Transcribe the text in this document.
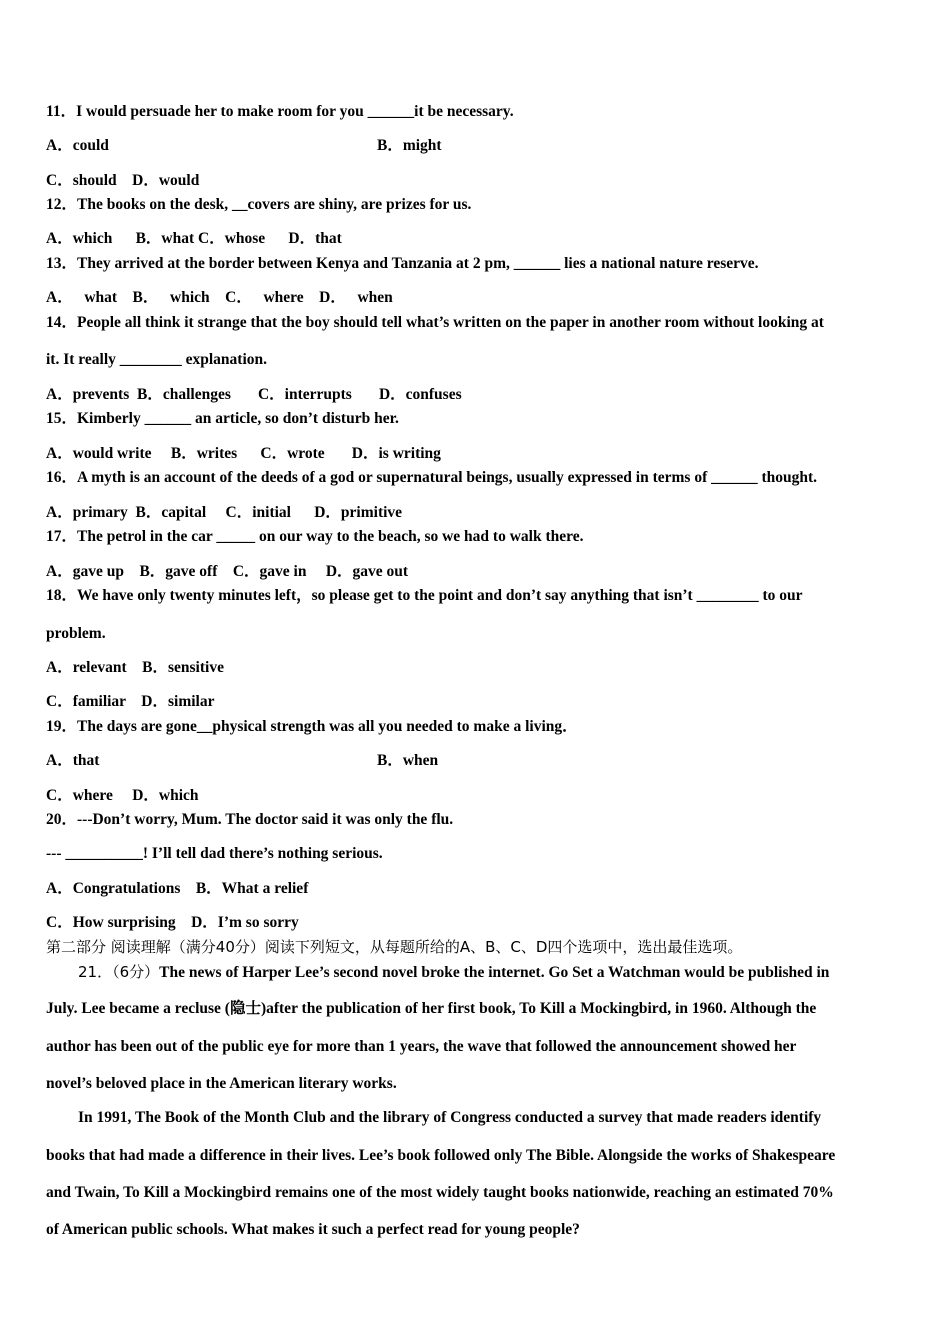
11．I would persuade her to make room for you ______it be necessary.
A．could	B．might
C．should    D．would
12．The books on the desk, __covers are shiny, are prizes for us.
A．which      B．what C．whose      D．that
13．They arrived at the border between Kenya and Tanzania at 2 pm, ______ lies a national nature reserve.
A．   what    B．   which    C．   where    D．   when
14．People all think it strange that the boy should tell what’s written on the paper in another room without looking at
it. It really ________ explanation.
A．prevents  B．challenges       C．interrupts       D．confuses
15．Kimberly ______ an article, so don’t disturb her.
A．would write     B．writes      C．wrote       D．is writing
16．A myth is an account of the deeds of a god or supernatural beings, usually expressed in terms of ______ thought.
A．primary  B．capital     C．initial      D．primitive
17．The petrol in the car _____ on our way to the beach, so we had to walk there.
A．gave up    B．gave off    C．gave in     D．gave out
18．We have only twenty minutes left，so please get to the point and don’t say anything that isn’t ________ to our
problem.
A．relevant    B．sensitive
C．familiar    D．similar
19．The days are gone__physical strength was all you needed to make a living．
A．that	B．when
C．where     D．which
20．---Don’t worry, Mum. The doctor said it was only the flu.
--- __________! I’ll tell dad there’s nothing serious.
A．Congratulations    B．What a relief
C．How surprising    D．I’m so sorry
第二部分 阅读理解（满分40分）阅读下列短文，从每题所给的A、B、C、D四个选项中，选出最佳选项。
21．（6分）The news of Harper Lee’s second novel broke the internet. Go Set a Watchman would be published in
July. Lee became a recluse (隐士)after the publication of her first book, To Kill a Mockingbird, in 1960. Although the
author has been out of the public eye for more than 1 years, the wave that followed the announcement showed her
novel’s beloved place in the American literary works.
In 1991, The Book of the Month Club and the library of Congress conducted a survey that made readers identify
books that had made a difference in their lives. Lee’s book followed only The Bible. Alongside the works of Shakespeare
and Twain, To Kill a Mockingbird remains one of the most widely taught books nationwide, reaching an estimated 70%
of American public schools. What makes it such a perfect read for young people?
